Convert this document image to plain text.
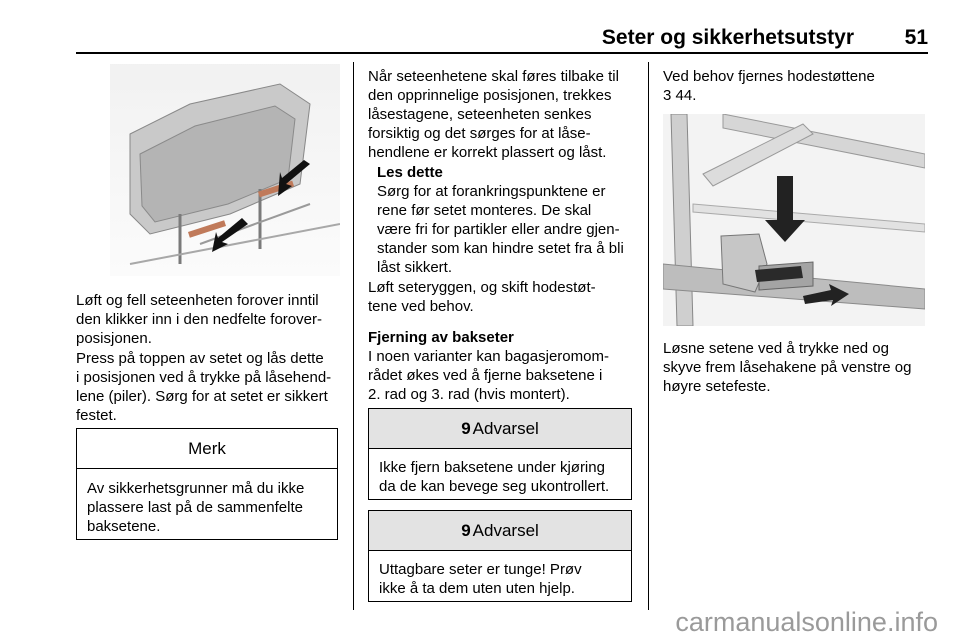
Seter og sikkerhetsutstyr 51
Løft og fell seteenheten forover inntil
den klikker inn i den nedfelte forover-
posisjonen.
Press på toppen av setet og lås dette
i posisjonen ved å trykke på låsehend-
lene (piler). Sørg for at setet er sikkert
festet.
Merk
Av sikkerhetsgrunner må du ikke
plassere last på de sammenfelte
baksetene.
Når seteenhetene skal føres tilbake til
den opprinnelige posisjonen, trekkes
låsestagene, seteenheten senkes
forsiktig og det sørges for at låse-
hendlene er korrekt plassert og låst.
Les dette
Sørg for at forankringspunktene er
rene før setet monteres. De skal
være fri for partikler eller andre gjen-
stander som kan hindre setet fra å bli
låst sikkert.
Løft seteryggen, og skift hodestøt-
tene ved behov.
Fjerning av bakseter
I noen varianter kan bagasjeromom-
rådet økes ved å fjerne baksetene i
2. rad og 3. rad (hvis montert).
9 Advarsel
Ikke fjern baksetene under kjøring
da de kan bevege seg ukontrollert.
9 Advarsel
Uttagbare seter er tunge! Prøv
ikke å ta dem uten uten hjelp.
Ved behov fjernes hodestøttene
3 44.
Løsne setene ved å trykke ned og
skyve frem låsehakene på venstre og
høyre setefeste.
carmanualsonline.info
